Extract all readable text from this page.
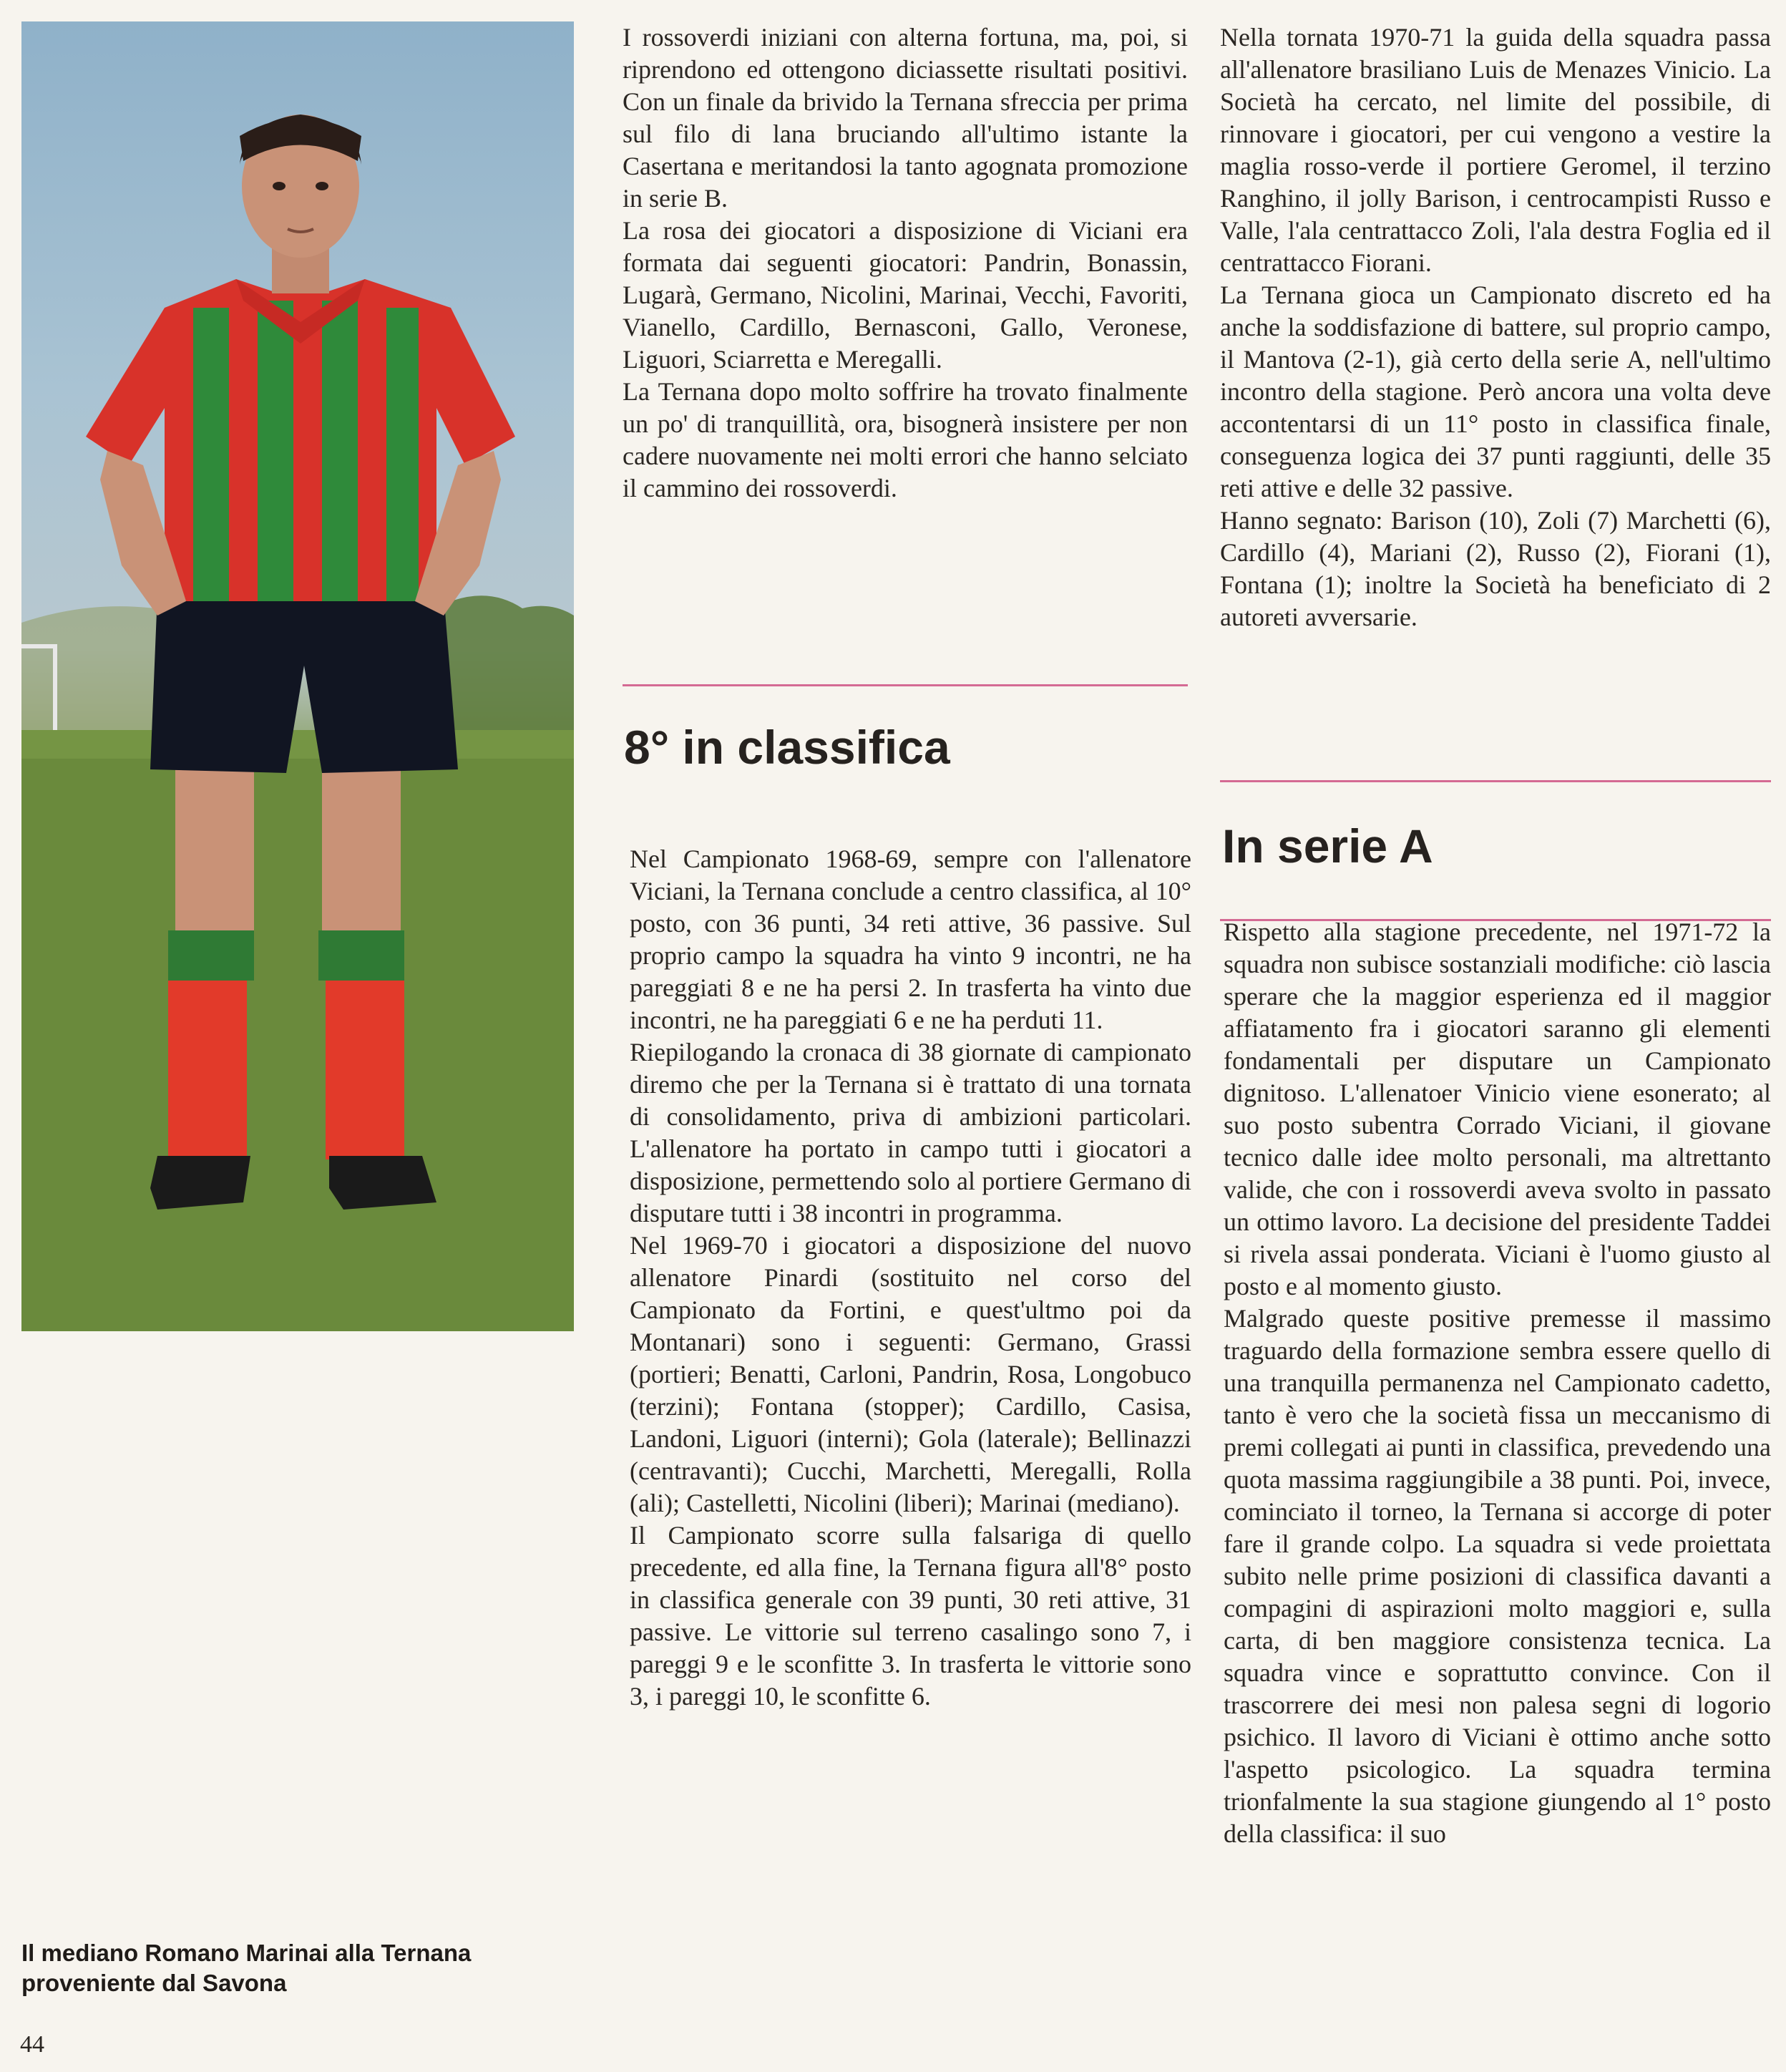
Il mediano Romano Marinai alla Ternana
proveniente dal Savona

I rossoverdi iniziani con alterna fortuna, ma, poi, si riprendono ed ottengono diciassette risultati positivi. Con un finale da brivido la Ternana sfreccia per prima sul filo di lana bruciando all'ultimo istante la Casertana e meritandosi la tanto agognata promozione in serie B.

La rosa dei giocatori a disposizione di Viciani era formata dai seguenti giocatori: Pandrin, Bonassin, Lugarà, Germano, Nicolini, Marinai, Vecchi, Favoriti, Vianello, Cardillo, Bernasconi, Gallo, Veronese, Liguori, Sciarretta e Meregalli.

La Ternana dopo molto soffrire ha trovato finalmente un po' di tranquillità, ora, bisognerà insistere per non cadere nuovamente nei molti errori che hanno selciato il cammino dei rossoverdi.

8° in classifica

Nel Campionato 1968-69, sempre con l'allenatore Viciani, la Ternana conclude a centro classifica, al 10° posto, con 36 punti, 34 reti attive, 36 passive. Sul proprio campo la squadra ha vinto 9 incontri, ne ha pareggiati 8 e ne ha persi 2. In trasferta ha vinto due incontri, ne ha pareggiati 6 e ne ha perduti 11.

Riepilogando la cronaca di 38 giornate di campionato diremo che per la Ternana si è trattato di una tornata di consolidamento, priva di ambizioni particolari. L'allenatore ha portato in campo tutti i giocatori a disposizione, permettendo solo al portiere Germano di disputare tutti i 38 incontri in programma.

Nel 1969-70 i giocatori a disposizione del nuovo allenatore Pinardi (sostituito nel corso del Campionato da Fortini, e quest'ultmo poi da Montanari) sono i seguenti: Germano, Grassi (portieri; Benatti, Carloni, Pandrin, Rosa, Longobuco (terzini); Fontana (stopper); Cardillo, Casisa, Landoni, Liguori (interni); Gola (laterale); Bellinazzi (centravanti); Cucchi, Marchetti, Meregalli, Rolla (ali); Castelletti, Nicolini (liberi); Marinai (mediano).

Il Campionato scorre sulla falsariga di quello precedente, ed alla fine, la Ternana figura all'8° posto in classifica generale con 39 punti, 30 reti attive, 31 passive. Le vittorie sul terreno casalingo sono 7, i pareggi 9 e le sconfitte 3. In trasferta le vittorie sono 3, i pareggi 10, le sconfitte 6.

Nella tornata 1970-71 la guida della squadra passa all'allenatore brasiliano Luis de Menazes Vinicio. La Società ha cercato, nel limite del possibile, di rinnovare i giocatori, per cui vengono a vestire la maglia rosso-verde il portiere Geromel, il terzino Ranghino, il jolly Barison, i centrocampisti Russo e Valle, l'ala centrattacco Zoli, l'ala destra Foglia ed il centrattacco Fiorani.

La Ternana gioca un Campionato discreto ed ha anche la soddisfazione di battere, sul proprio campo, il Mantova (2-1), già certo della serie A, nell'ultimo incontro della stagione. Però ancora una volta deve accontentarsi di un 11° posto in classifica finale, conseguenza logica dei 37 punti raggiunti, delle 35 reti attive e delle 32 passive.

Hanno segnato: Barison (10), Zoli (7) Marchetti (6), Cardillo (4), Mariani (2), Russo (2), Fiorani (1), Fontana (1); inoltre la Società ha beneficiato di 2 autoreti avversarie.

In serie A

Rispetto alla stagione precedente, nel 1971-72 la squadra non subisce sostanziali modifiche: ciò lascia sperare che la maggior esperienza ed il maggior affiatamento fra i giocatori saranno gli elementi fondamentali per disputare un Campionato dignitoso. L'allenatoer Vinicio viene esonerato; al suo posto subentra Corrado Viciani, il giovane tecnico dalle idee molto personali, ma altrettanto valide, che con i rossoverdi aveva svolto in passato un ottimo lavoro. La decisione del presidente Taddei si rivela assai ponderata. Viciani è l'uomo giusto al posto e al momento giusto.

Malgrado queste positive premesse il massimo traguardo della formazione sembra essere quello di una tranquilla permanenza nel Campionato cadetto, tanto è vero che la società fissa un meccanismo di premi collegati ai punti in classifica, prevedendo una quota massima raggiungibile a 38 punti. Poi, invece, cominciato il torneo, la Ternana si accorge di poter fare il grande colpo. La squadra si vede proiettata subito nelle prime posizioni di classifica davanti a compagini di aspirazioni molto maggiori e, sulla carta, di ben maggiore consistenza tecnica. La squadra vince e soprattutto convince. Con il trascorrere dei mesi non palesa segni di logorio psichico. Il lavoro di Viciani è ottimo anche sotto l'aspetto psicologico. La squadra termina trionfalmente la sua stagione giungendo al 1° posto della classifica: il suo

44
